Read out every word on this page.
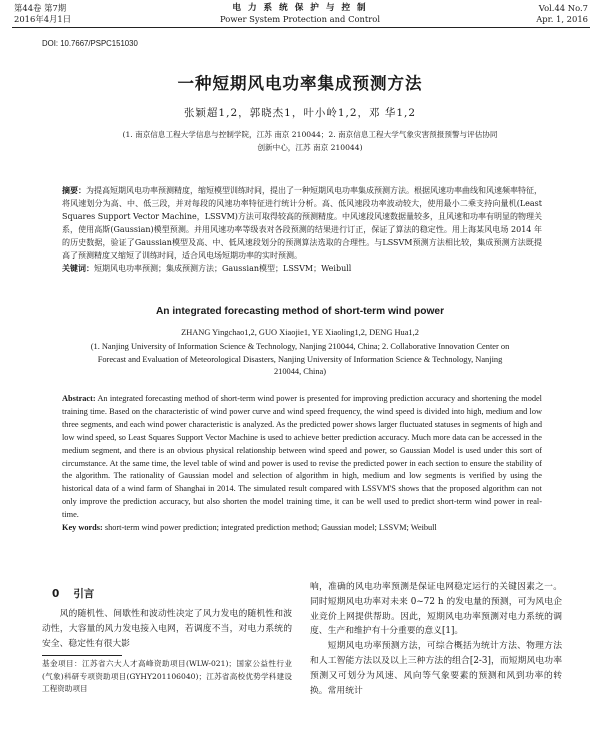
第44卷 第7期
2016年4月1日
电 力 系 统 保 护 与 控 制
Power System Protection and Control
Vol.44 No.7
Apr. 1, 2016
DOI: 10.7667/PSPC151030
一种短期风电功率集成预测方法
张颖超1,2，郭晓杰1，叶小岭1,2，邓 华1,2
(1. 南京信息工程大学信息与控制学院，江苏 南京 210044；2. 南京信息工程大学气象灾害预报预警与评估协同创新中心，江苏 南京 210044)
摘要：为提高短期风电功率预测精度，缩短模型训练时间，提出了一种短期风电功率集成预测方法。根据风速功率曲线和风速频率特征，将风速划分为高、中、低三段，并对每段的风速功率特征进行统计分析。高、低风速段功率波动较大，使用最小二乘支持向量机(Least Squares Support Vector Machine，LSSVM)方法可取得较高的预测精度。中风速段风速数据量较多，且风速和功率有明显的物理关系，使用高斯(Gaussian)模型预测。并用风速功率等级表对各段预测的结果进行订正，保证了算法的稳定性。用上海某风电场 2014 年的历史数据，验证了Gaussian模型及高、中、低风速段划分的预测算法选取的合理性。与LSSVM预测方法相比较，集成预测方法既提高了预测精度又缩短了训练时间，适合风电场短期功率的实时预测。
关键词：短期风电功率预测；集成预测方法；Gaussian模型；LSSVM；Weibull
An integrated forecasting method of short-term wind power
ZHANG Yingchao1,2, GUO Xiaojie1, YE Xiaoling1,2, DENG Hua1,2
(1. Nanjing University of Information Science & Technology, Nanjing 210044, China; 2. Collaborative Innovation Center on Forecast and Evaluation of Meteorological Disasters, Nanjing University of Information Science & Technology, Nanjing 210044, China)
Abstract: An integrated forecasting method of short-term wind power is presented for improving prediction accuracy and shortening the model training time. Based on the characteristic of wind power curve and wind speed frequency, the wind speed is divided into high, medium and low three segments, and each wind power characteristic is analyzed. As the predicted power shows larger fluctuated statuses in segments of high and low wind speed, so Least Squares Support Vector Machine is used to achieve better prediction accuracy. Much more data can be accessed in the medium segment, and there is an obvious physical relationship between wind speed and power, so Gaussian Model is used under this sort of circumstance. At the same time, the level table of wind and power is used to revise the predicted power in each section to ensure the stability of the algorithm. The rationality of Gaussian model and selection of algorithm in high, medium and low segments is verified by using the historical data of a wind farm of Shanghai in 2014. The simulated result compared with LSSVM'S shows that the proposed algorithm can not only improve the prediction accuracy, but also shorten the model training time, it can be well used to predict short-term wind power in real-time.
Key words: short-term wind power prediction; integrated prediction method; Gaussian model; LSSVM; Weibull
0 引言

风的随机性、间歇性和波动性决定了风力发电的随机性和波动性，大容量的风力发电接入电网，若调度不当，对电力系统的安全、稳定性有很大影

基金项目：江苏省六大人才高峰资助项目(WLW-021)；国家公益性行业(气象)科研专项资助项目(GYHY201106040)；江苏省高校优势学科建设工程资助项目

响，准确的风电功率预测是保证电网稳定运行的关键因素之一。同时短期风电功率对未来 0~72 h 的发电量的预测，可为风电企业竞价上网提供帮助。因此，短期风电功率预测对电力系统的调度、生产和维护有十分重要的意义[1]。

短期风电功率预测方法，可综合概括为统计方法、物理方法和人工智能方法以及以上三种方法的组合[2-3]，而短期风电功率预测又可划分为风速、风向等气象要素的预测和风到功率的转换。常用统计
